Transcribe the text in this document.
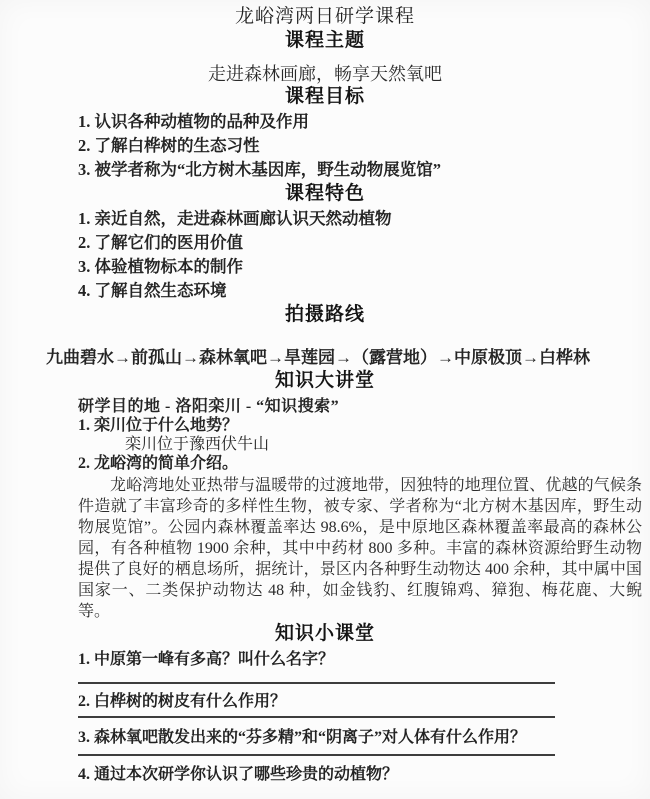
龙峪湾两日研学课程
课程主题

走进森林画廊，畅享天然氧吧

课程目标

1. 认识各种动植物的品种及作用

2. 了解白桦树的生态习性

3. 被学者称为“北方树木基因库，野生动物展览馆”

课程特色

1. 亲近自然，走进森林画廊认识天然动植物

2. 了解它们的医用价值

3. 体验植物标本的制作

4. 了解自然生态环境

拍摄路线

九曲碧水→前孤山→森林氧吧→旱莲园→（露营地）→中原极顶→白桦林

知识大讲堂

研学目的地 - 洛阳栾川 - “知识搜索”

1. 栾川位于什么地势？

栾川位于豫西伏牛山

2. 龙峪湾的简单介绍。

龙峪湾地处亚热带与温暖带的过渡地带，因独特的地理位置、优越的气候条件造就了丰富珍奇的多样性生物，被专家、学者称为“北方树木基因库，野生动物展览馆”。公园内森林覆盖率达 98.6%，是中原地区森林覆盖率最高的森林公园，有各种植物 1900 余种，其中中药材 800 多种。丰富的森林资源给野生动物提供了良好的栖息场所，据统计，景区内各种野生动物达 400 余种，其中属中国国家一、二类保护动物达 48 种，如金钱豹、红腹锦鸡、獐狍、梅花鹿、大鲵等。

知识小课堂

1. 中原第一峰有多高？叫什么名字？

2. 白桦树的树皮有什么作用？

3. 森林氧吧散发出来的“芬多精”和“阴离子”对人体有什么作用？

4. 通过本次研学你认识了哪些珍贵的动植物？
